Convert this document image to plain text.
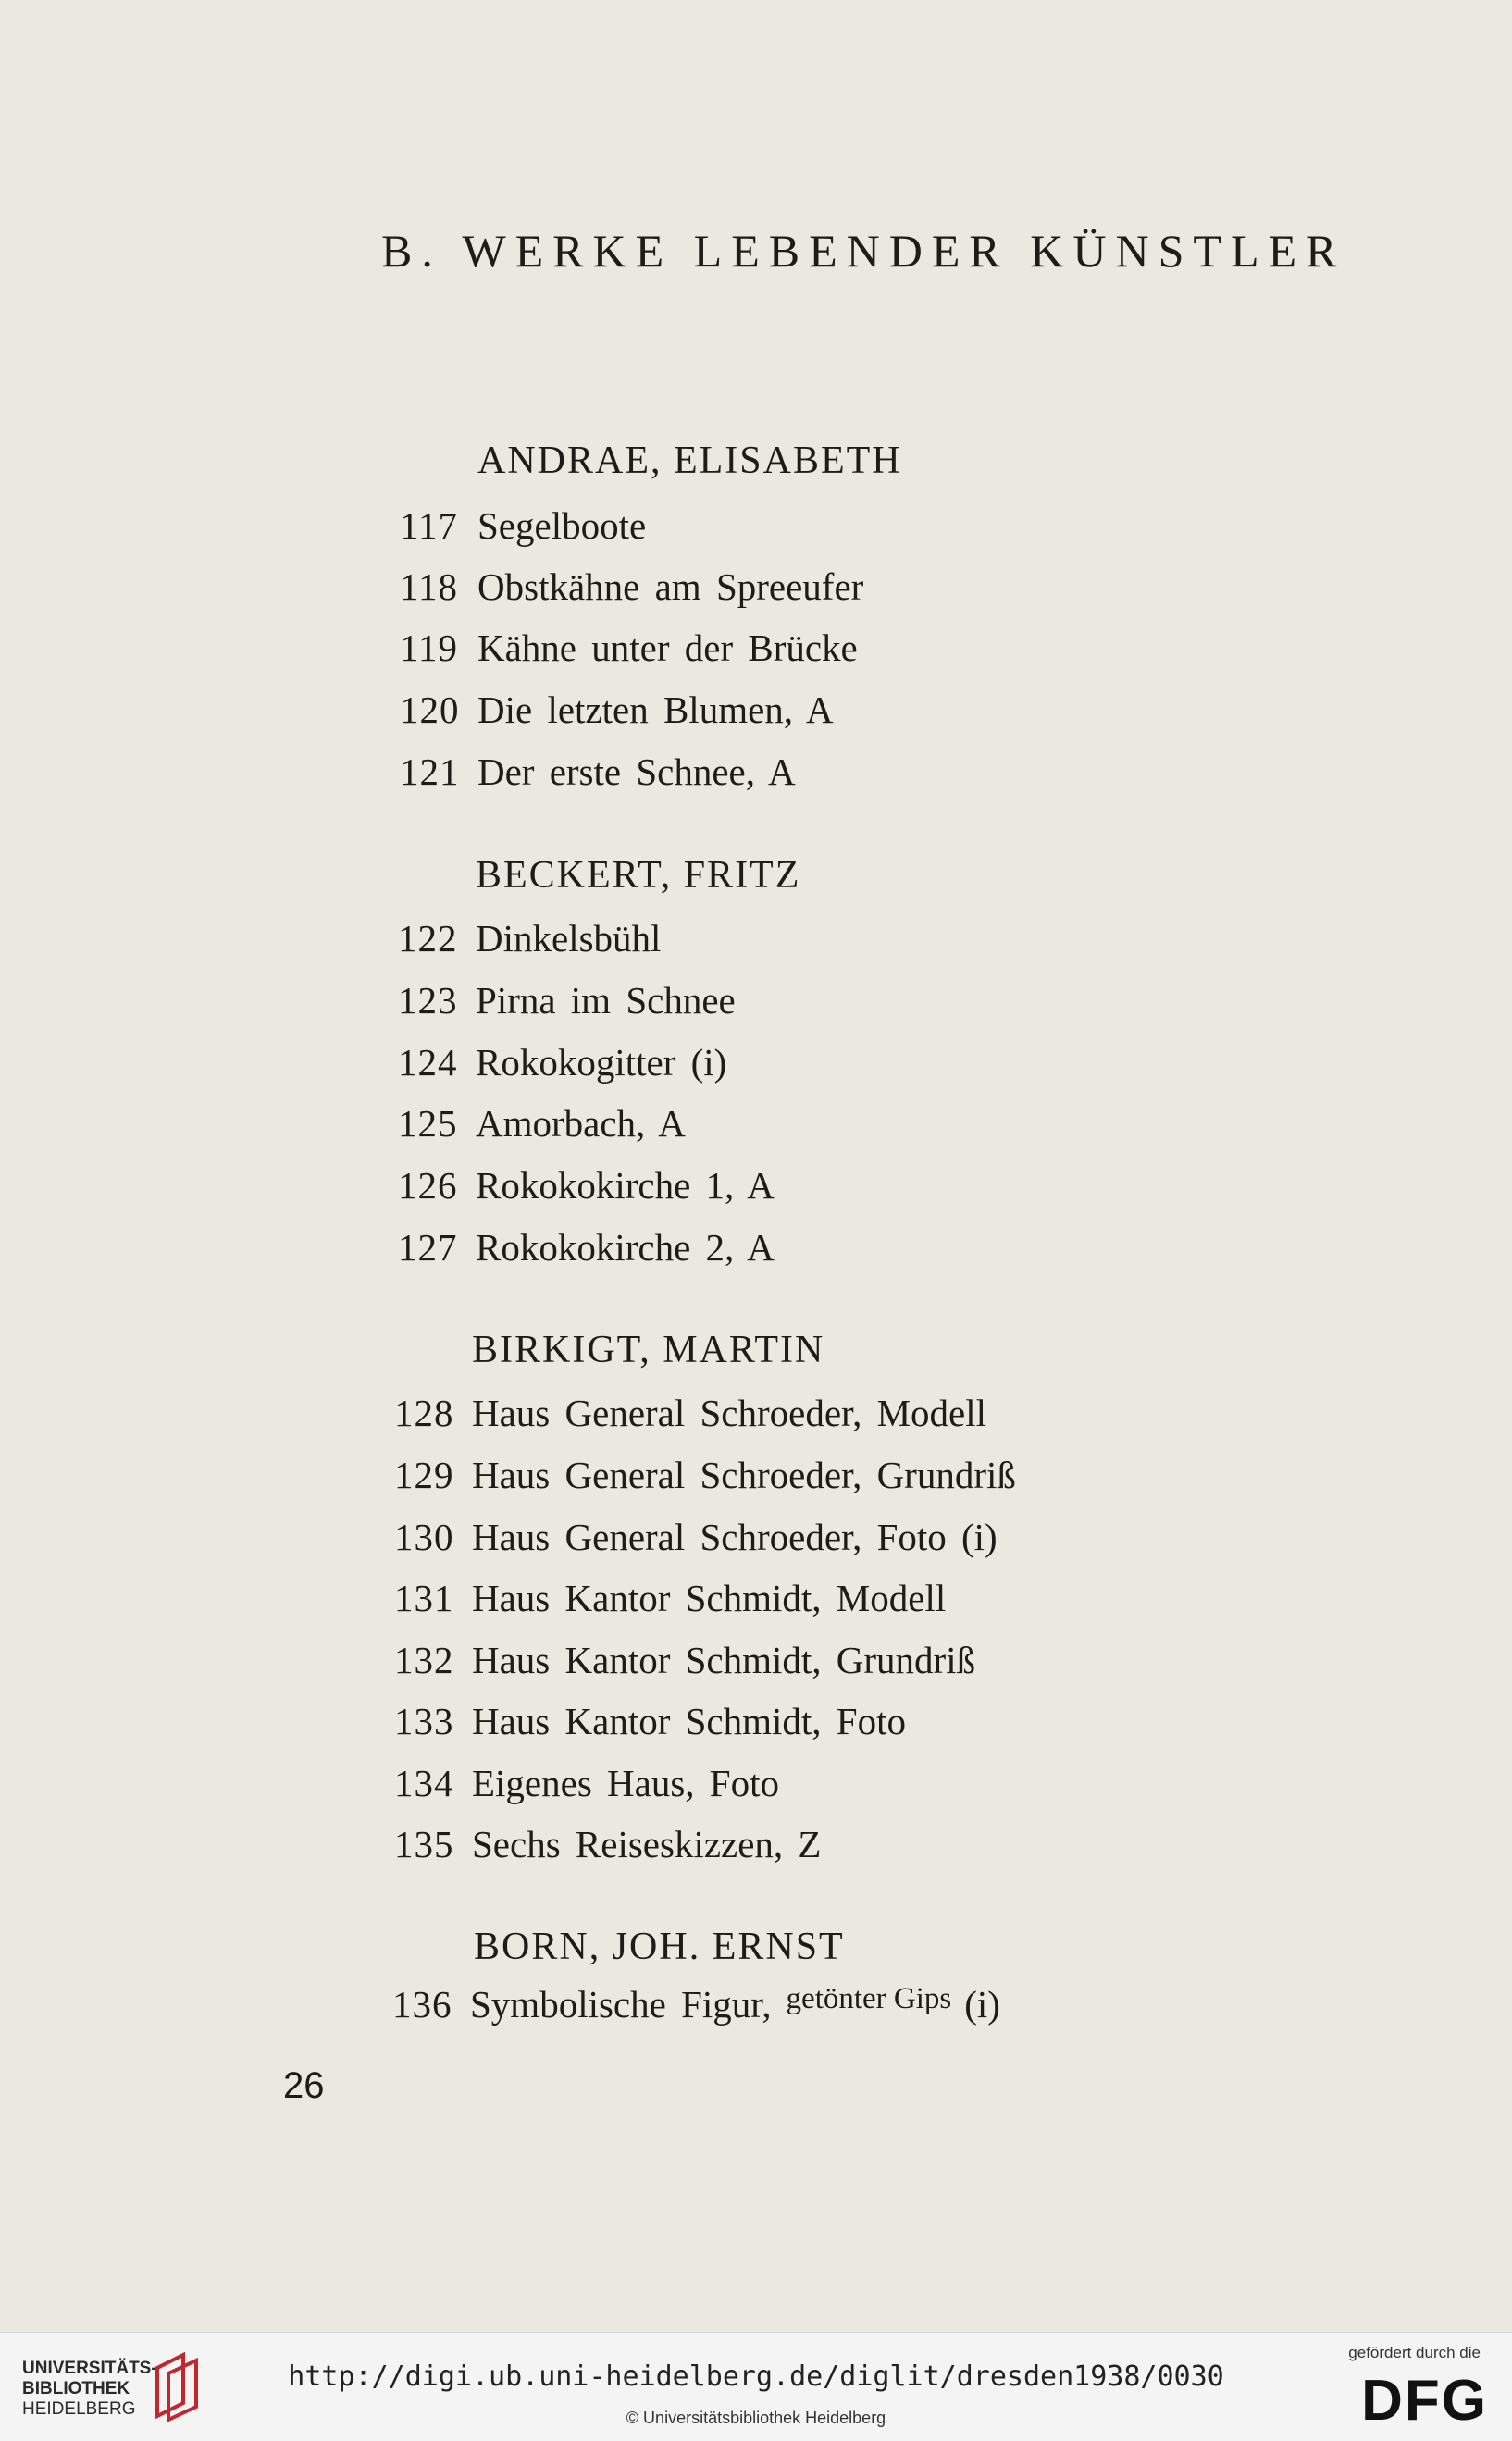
B. WERKE LEBENDER KÜNSTLER
ANDRAE, ELISABETH
117 Segelboote
118 Obstkähne am Spreeufer
119 Kähne unter der Brücke
120 Die letzten Blumen, A
121 Der erste Schnee, A
BECKERT, FRITZ
122 Dinkelsbühl
123 Pirna im Schnee
124 Rokokogitter (i)
125 Amorbach, A
126 Rokokokirche 1, A
127 Rokokokirche 2, A
BIRKIGT, MARTIN
128 Haus General Schroeder, Modell
129 Haus General Schroeder, Grundriß
130 Haus General Schroeder, Foto (i)
131 Haus Kantor Schmidt, Modell
132 Haus Kantor Schmidt, Grundriß
133 Haus Kantor Schmidt, Foto
134 Eigenes Haus, Foto
135 Sechs Reiseskizzen, Z
BORN, JOH. ERNST
136 Symbolische Figur, getönter Gips (i)
26
UNIVERSITÄTS-
BIBLIOTHEK
HEIDELBERG
http://digi.ub.uni-heidelberg.de/diglit/dresden1938/0030
© Universitätsbibliothek Heidelberg
gefördert durch die
DFG
